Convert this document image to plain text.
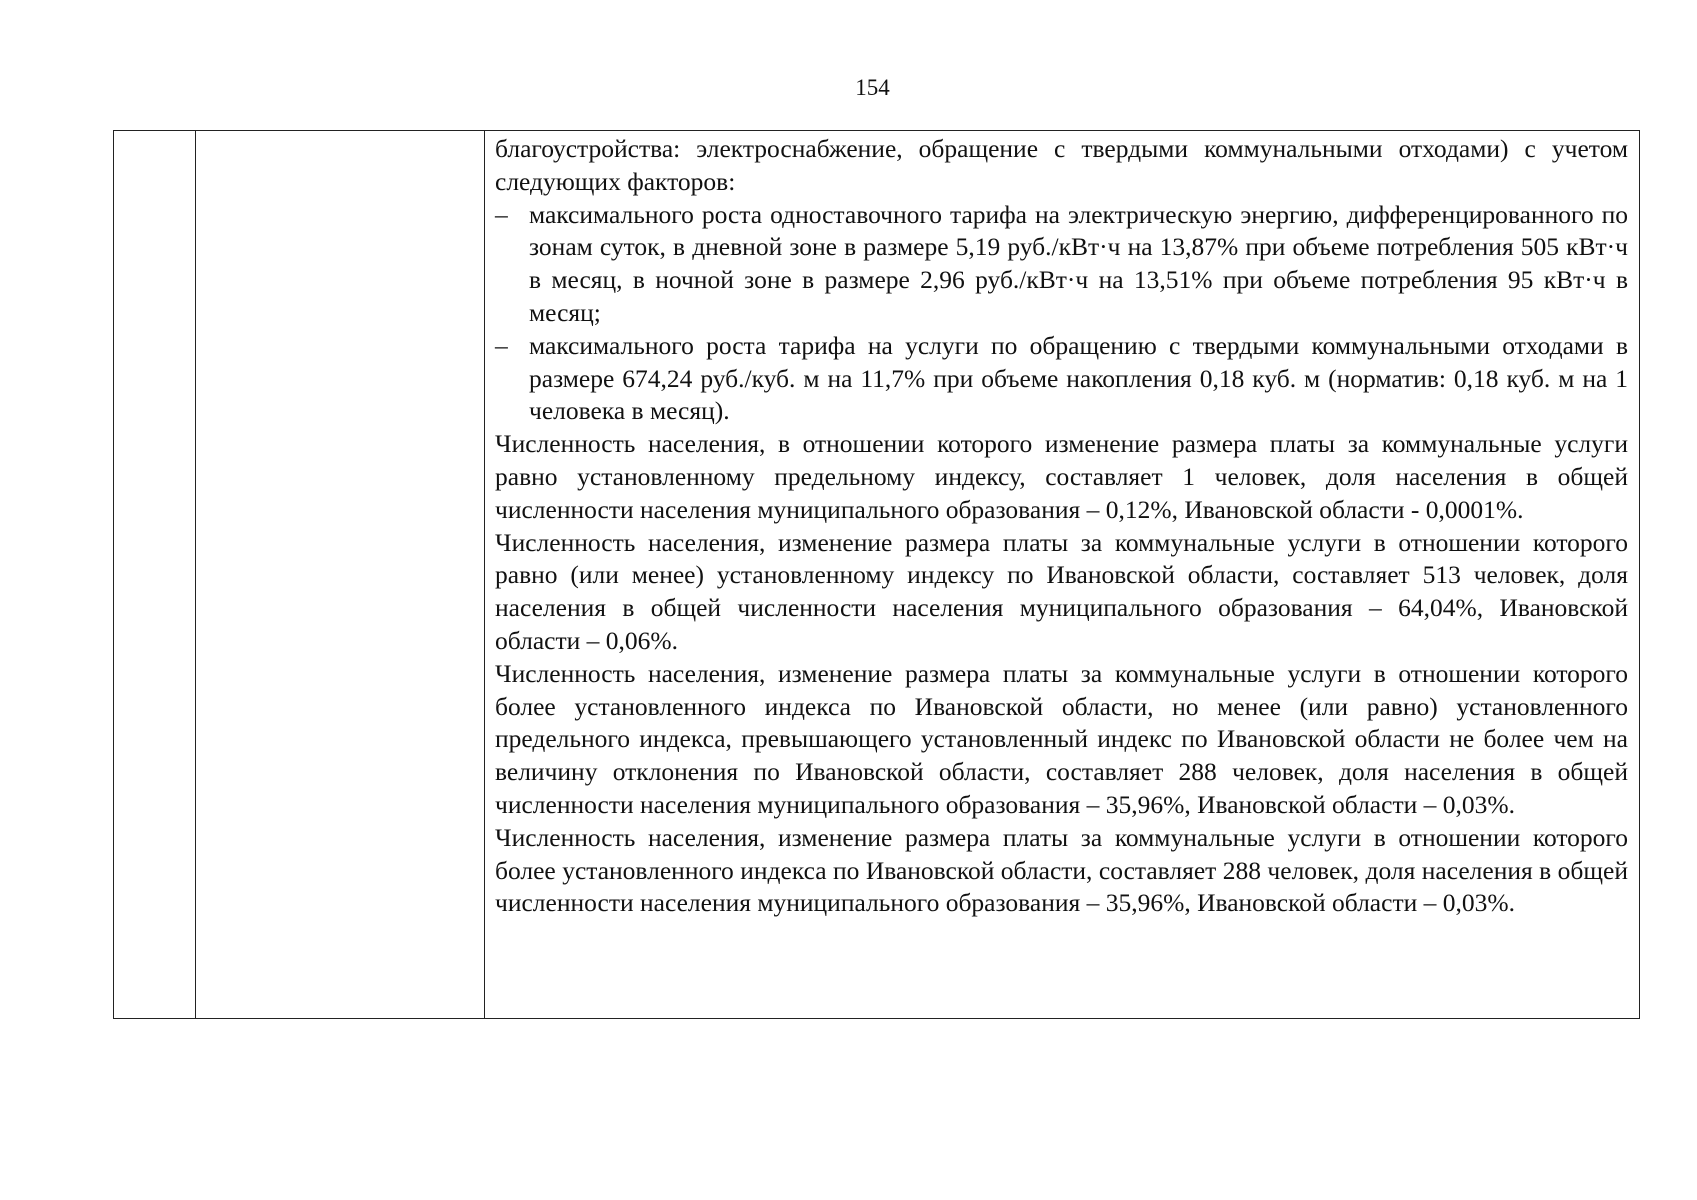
154

благоустройства: электроснабжение, обращение с твердыми коммунальными отходами) с учетом следующих факторов:

– максимального роста одноставочного тарифа на электрическую энергию, дифференцированного по зонам суток, в дневной зоне в размере 5,19 руб./кВт·ч на 13,87% при объеме потребления 505 кВт·ч в месяц, в ночной зоне в размере 2,96 руб./кВт·ч на 13,51% при объеме потребления 95 кВт·ч в месяц;

– максимального роста тарифа на услуги по обращению с твердыми коммунальными отходами в размере 674,24 руб./куб. м на 11,7% при объеме накопления 0,18 куб. м (норматив: 0,18 куб. м на 1 человека в месяц).

Численность населения, в отношении которого изменение размера платы за коммунальные услуги равно установленному предельному индексу, составляет 1 человек, доля населения в общей численности населения муниципального образования – 0,12%, Ивановской области - 0,0001%.

Численность населения, изменение размера платы за коммунальные услуги в отношении которого равно (или менее) установленному индексу по Ивановской области, составляет 513 человек, доля населения в общей численности населения муниципального образования – 64,04%, Ивановской области – 0,06%.

Численность населения, изменение размера платы за коммунальные услуги в отношении которого более установленного индекса по Ивановской области, но менее (или равно) установленного предельного индекса, превышающего установленный индекс по Ивановской области не более чем на величину отклонения по Ивановской области, составляет 288 человек, доля населения в общей численности населения муниципального образования – 35,96%, Ивановской области – 0,03%.

Численность населения, изменение размера платы за коммунальные услуги в отношении которого более установленного индекса по Ивановской области, составляет 288 человек, доля населения в общей численности населения муниципального образования – 35,96%, Ивановской области – 0,03%.
